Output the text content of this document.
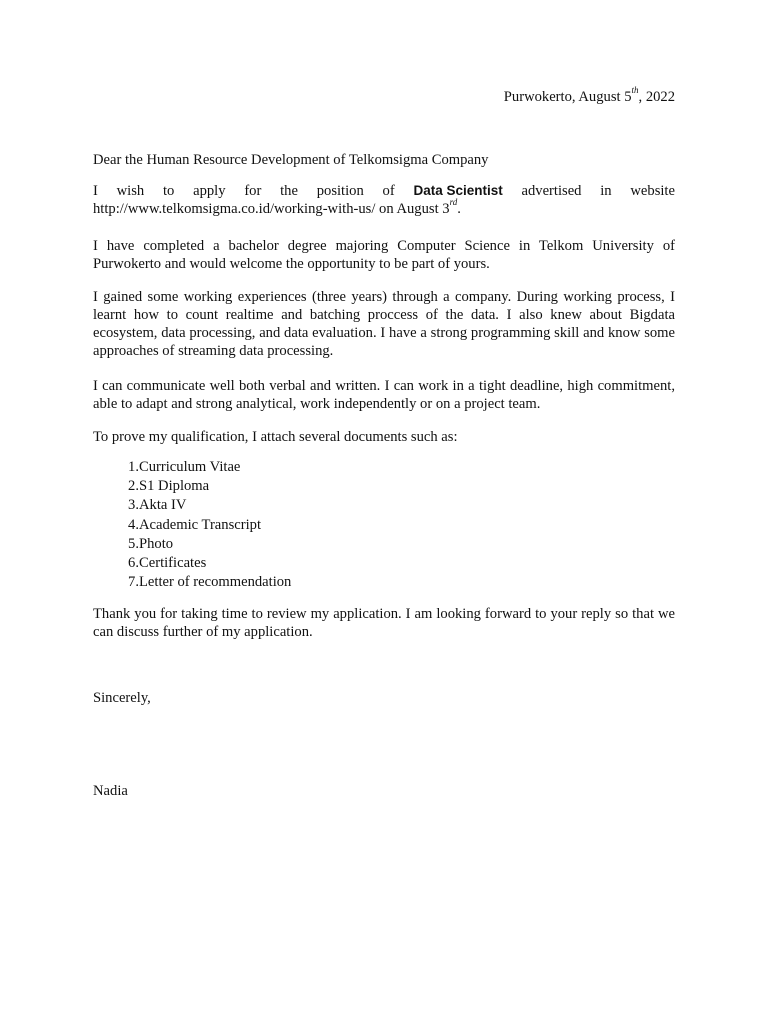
Purwokerto, August 5th, 2022
Dear the Human Resource Development of Telkomsigma Company
I wish to apply for the position of Data Scientist advertised in website
http://www.telkomsigma.co.id/working-with-us/ on August 3rd.

I have completed a bachelor degree majoring Computer Science in Telkom University of Purwokerto and would welcome the opportunity to be part of yours.

I gained some working experiences (three years) through a company. During working process, I learnt how to count realtime and batching proccess of the data. I also knew about Bigdata ecosystem, data processing, and data evaluation. I have a strong programming skill and know some approaches of streaming data processing.

I can communicate well both verbal and written. I can work in a tight deadline, high commitment, able to adapt and strong analytical, work independently or on a project team.

To prove my qualification, I attach several documents such as:

1. Curriculum Vitae
2. S1 Diploma
3. Akta IV
4. Academic Transcript
5. Photo
6. Certificates
7. Letter of recommendation

Thank you for taking time to review my application. I am looking forward to your reply so that we can discuss further of my application.

Sincerely,
Nadia
